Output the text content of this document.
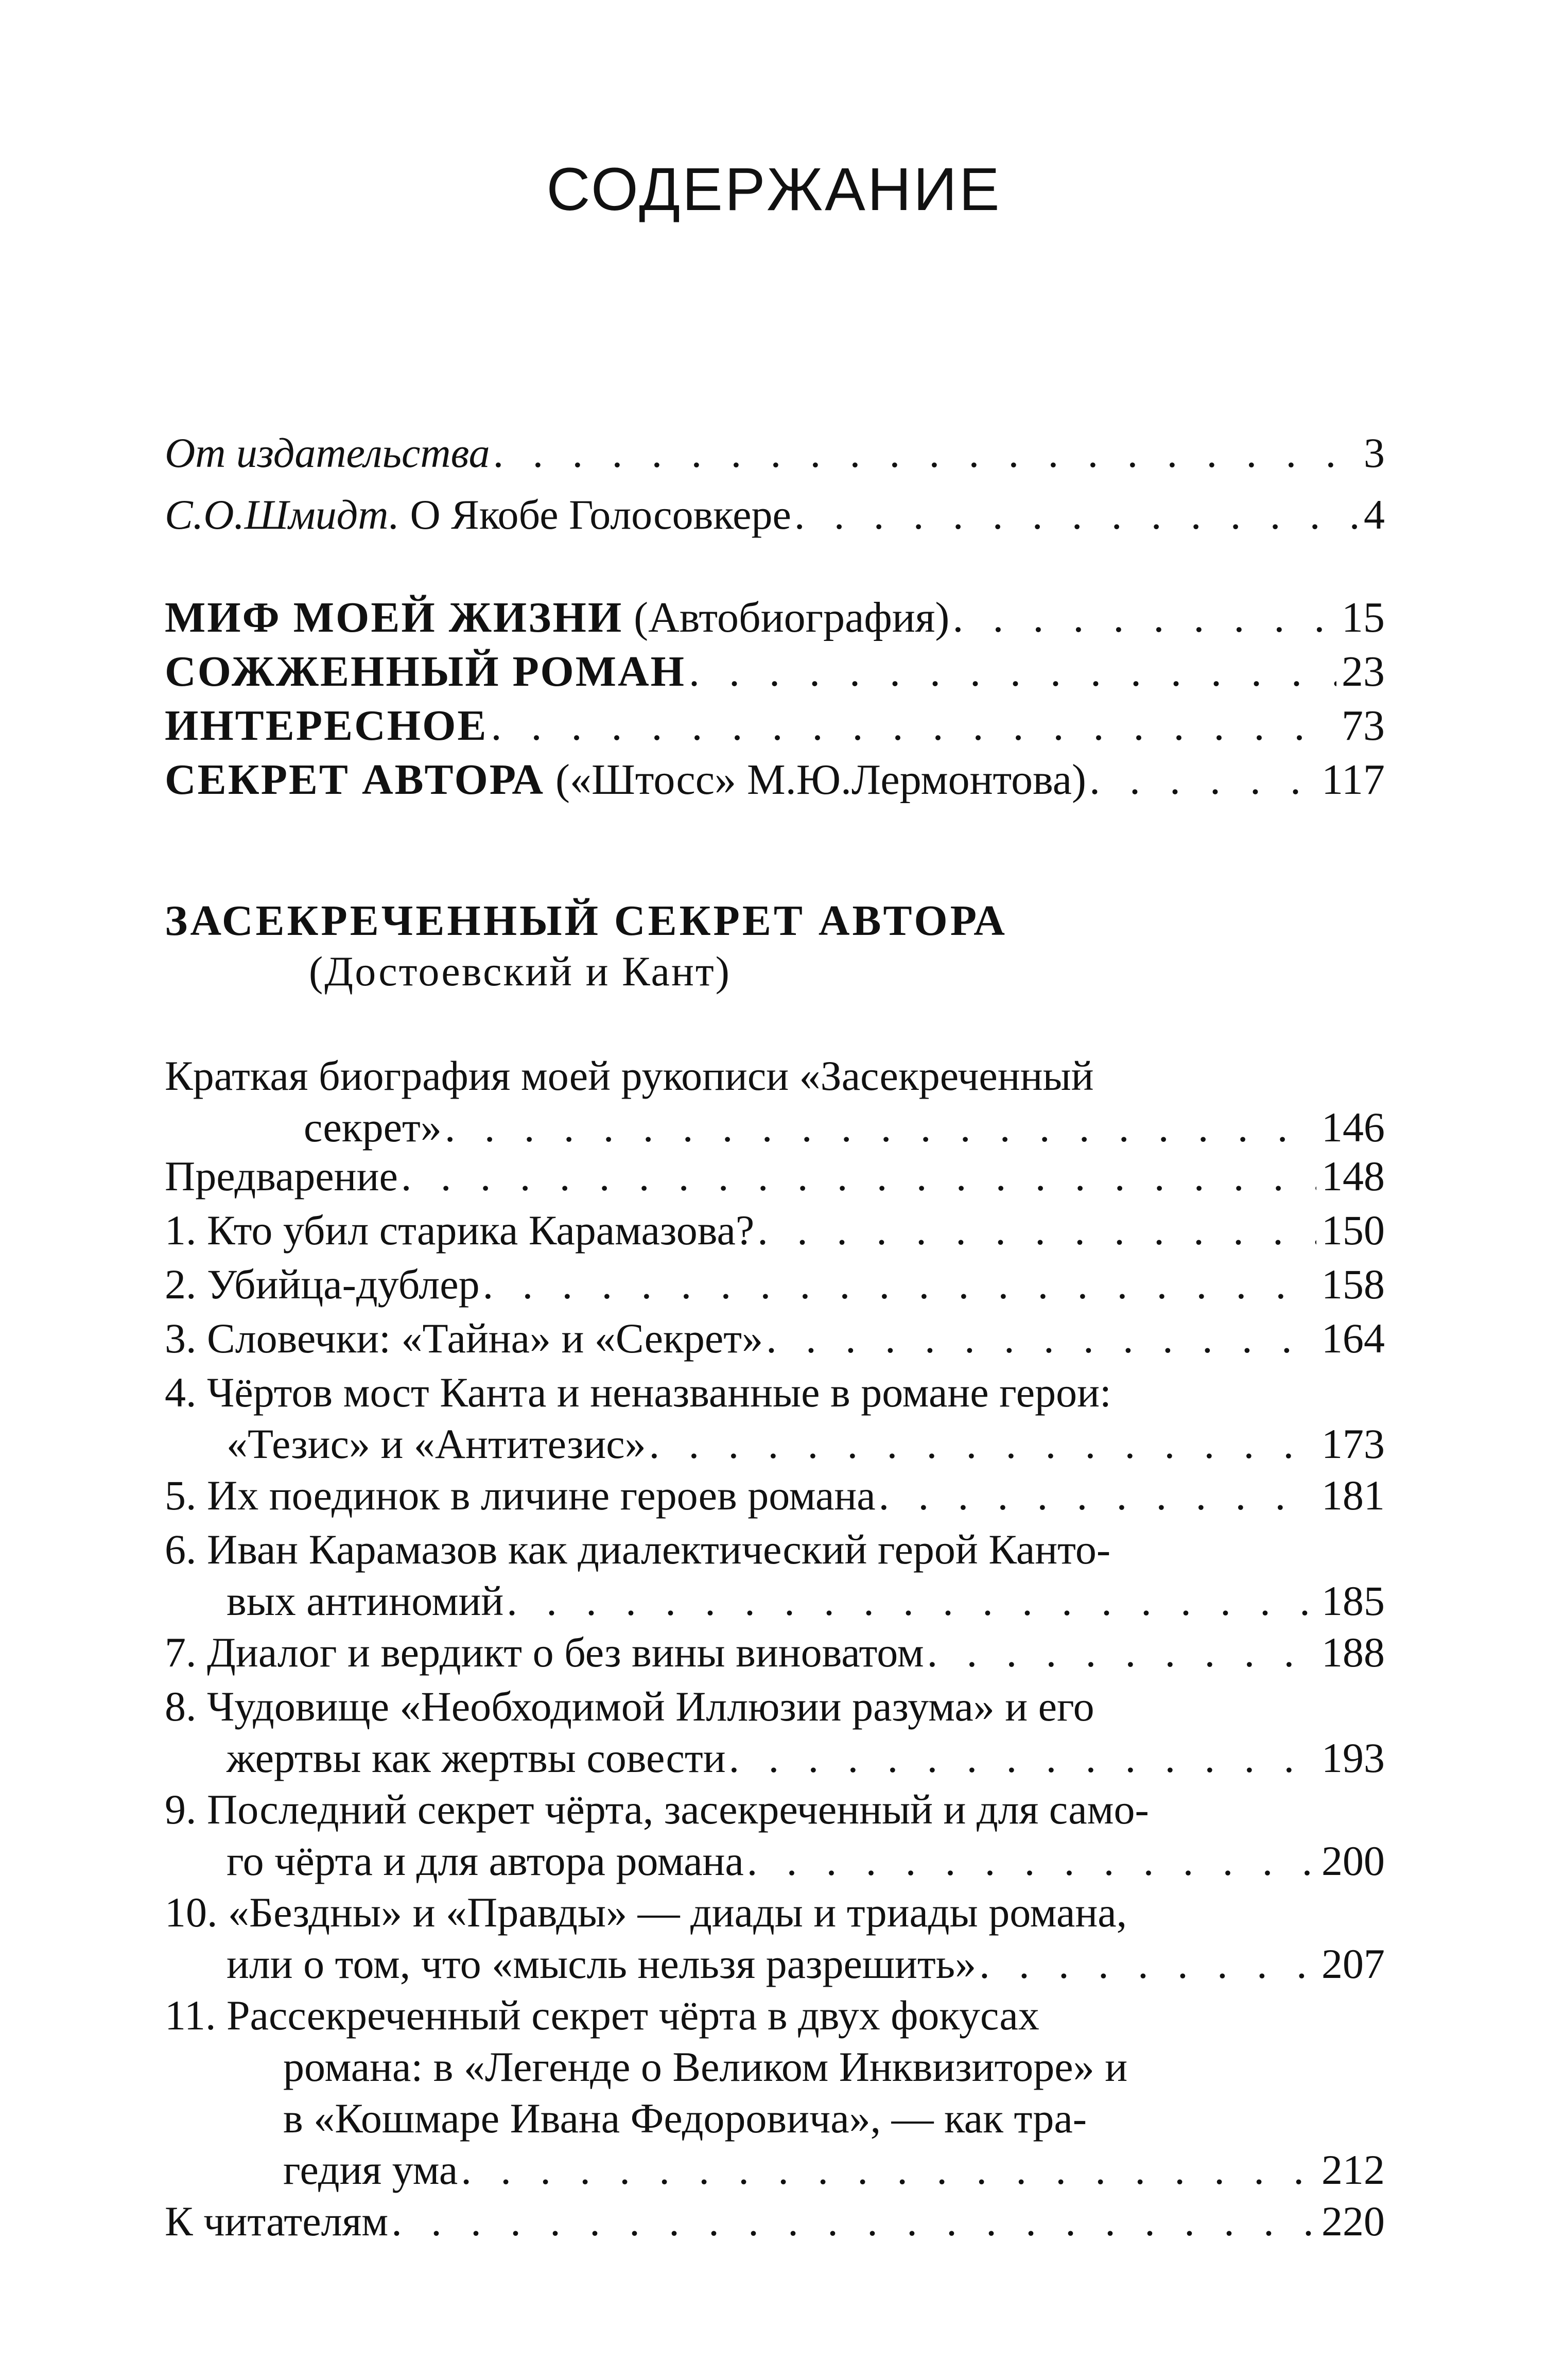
СОДЕРЖАНИЕ
От издательства . . .	3
С.О.Шмидт. О Якобе Голосовкере . . .	4
МИФ МОЕЙ ЖИЗНИ (Автобиография) . . .	15
СОЖЖЕННЫЙ РОМАН . . .	23
ИНТЕРЕСНОЕ . . .	73
СЕКРЕТ АВТОРА («Штосс» М.Ю.Лермонтова) . . .	117
ЗАСЕКРЕЧЕННЫЙ СЕКРЕТ АВТОРА
(Достоевский и Кант)
Краткая биография моей рукописи «Засекреченный
секрет» . . .	146
Предварение . . .	148
1. Кто убил старика Карамазова? . . .	150
2. Убийца-дублер . . .	158
3. Словечки: «Тайна» и «Секрет» . . .	164
4. Чёртов мост Канта и неназванные в романе герои:
«Тезис» и «Антитезис» . . .	173
5. Их поединок в личине героев романа . . .	181
6. Иван Карамазов как диалектический герой Канто-
вых антиномий . . .	185
7. Диалог и вердикт о без вины виноватом . . .	188
8. Чудовище «Необходимой Иллюзии разума» и его
жертвы как жертвы совести . . .	193
9. Последний секрет чёрта, засекреченный и для само-
го чёрта и для автора романа . . .	200
10. «Бездны» и «Правды» — диады и триады романа,
или о том, что «мысль нельзя разрешить» . . .	207
11. Рассекреченный секрет чёрта в двух фокусах
романа: в «Легенде о Великом Инквизиторе» и
в «Кошмаре Ивана Федоровича», — как тра-
гедия ума . . .	212
К читателям . . .	220
